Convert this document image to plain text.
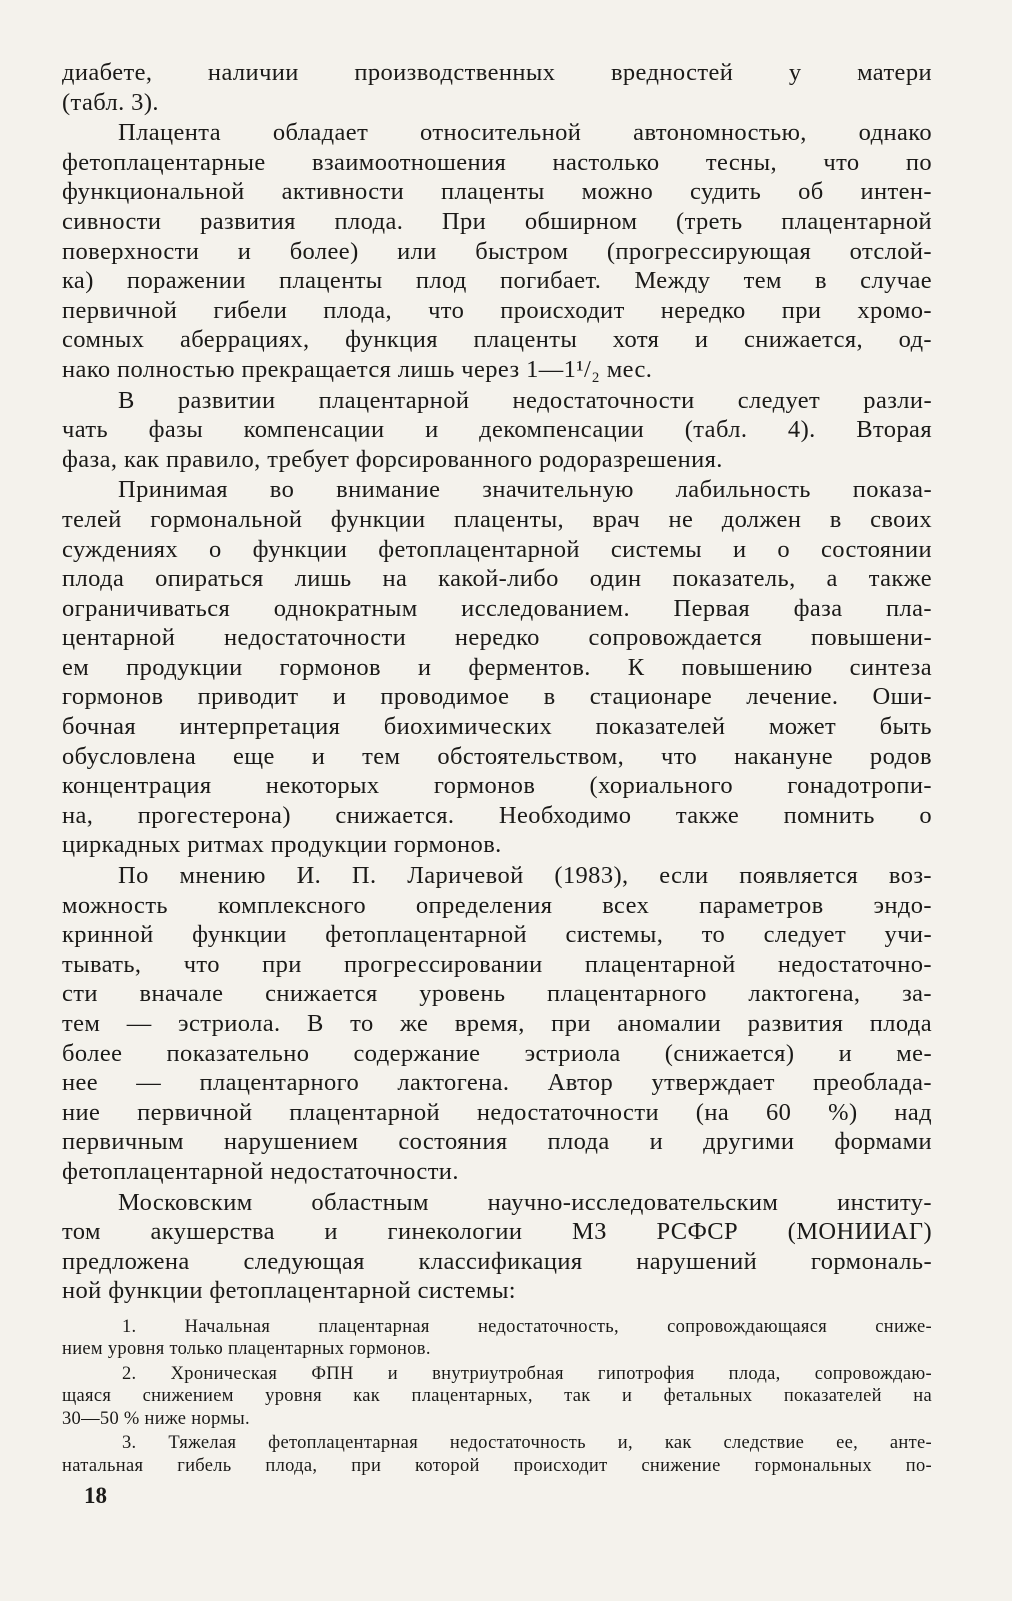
диабете, наличии производственных вредностей у матери
(табл. 3).
Плацента обладает относительной автономностью, однако
фетоплацентарные взаимоотношения настолько тесны, что по
функциональной активности плаценты можно судить об интен-
сивности развития плода. При обширном (треть плацентарной
поверхности и более) или быстром (прогрессирующая отслой-
ка) поражении плаценты плод погибает. Между тем в случае
первичной гибели плода, что происходит нередко при хромо-
сомных аберрациях, функция плаценты хотя и снижается, од-
нако полностью прекращается лишь через 1—1¹/₂ мес.
В развитии плацентарной недостаточности следует разли-
чать фазы компенсации и декомпенсации (табл. 4). Вторая
фаза, как правило, требует форсированного родоразрешения.
Принимая во внимание значительную лабильность показа-
телей гормональной функции плаценты, врач не должен в своих
суждениях о функции фетоплацентарной системы и о состоянии
плода опираться лишь на какой-либо один показатель, а также
ограничиваться однократным исследованием. Первая фаза пла-
центарной недостаточности нередко сопровождается повышени-
ем продукции гормонов и ферментов. К повышению синтеза
гормонов приводит и проводимое в стационаре лечение. Оши-
бочная интерпретация биохимических показателей может быть
обусловлена еще и тем обстоятельством, что накануне родов
концентрация некоторых гормонов (хориального гонадотропи-
на, прогестерона) снижается. Необходимо также помнить о
циркадных ритмах продукции гормонов.
По мнению И. П. Ларичевой (1983), если появляется воз-
можность комплексного определения всех параметров эндо-
кринной функции фетоплацентарной системы, то следует учи-
тывать, что при прогрессировании плацентарной недостаточно-
сти вначале снижается уровень плацентарного лактогена, за-
тем — эстриола. В то же время, при аномалии развития плода
более показательно содержание эстриола (снижается) и ме-
нее — плацентарного лактогена. Автор утверждает преоблада-
ние первичной плацентарной недостаточности (на 60 %) над
первичным нарушением состояния плода и другими формами
фетоплацентарной недостаточности.
Московским областным научно-исследовательским институ-
том акушерства и гинекологии МЗ РСФСР (МОНИИАГ)
предложена следующая классификация нарушений гормональ-
ной функции фетоплацентарной системы:
1. Начальная плацентарная недостаточность, сопровождающаяся сниже-
нием уровня только плацентарных гормонов.
2. Хроническая ФПН и внутриутробная гипотрофия плода, сопровождаю-
щаяся снижением уровня как плацентарных, так и фетальных показателей на
30—50 % ниже нормы.
3. Тяжелая фетоплацентарная недостаточность и, как следствие ее, анте-
натальная гибель плода, при которой происходит снижение гормональных по-
18
